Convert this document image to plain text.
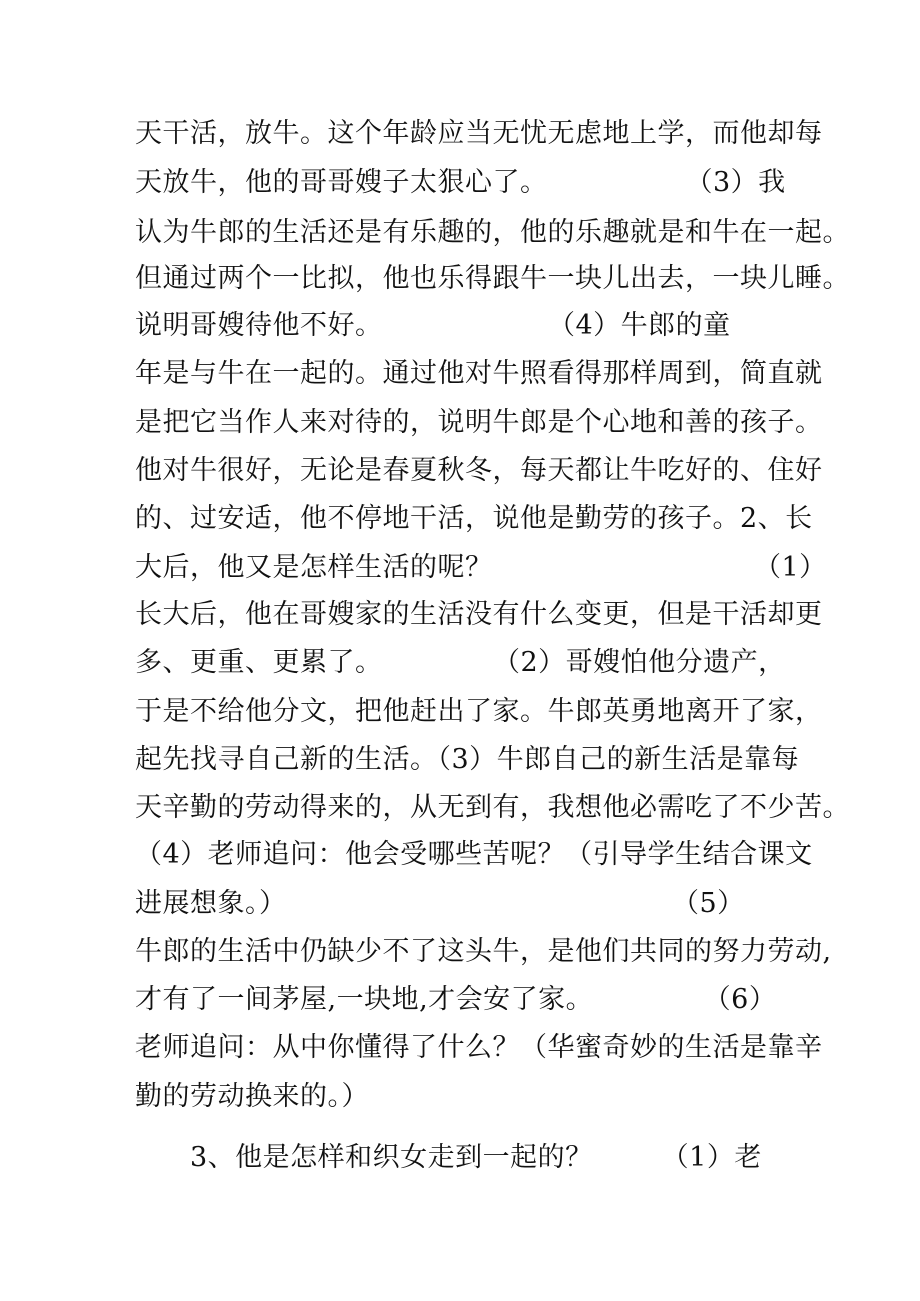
天干活，放牛。这个年龄应当无忧无虑地上学，而他却每
天放牛，他的哥哥嫂子太狠心了。　　　　　　（3）我
认为牛郎的生活还是有乐趣的，他的乐趣就是和牛在一起。
但通过两个一比拟，他也乐得跟牛一块儿出去，一块儿睡。
说明哥嫂待他不好。　　　　　　　（4）牛郎的童
年是与牛在一起的。通过他对牛照看得那样周到，简直就
是把它当作人来对待的，说明牛郎是个心地和善的孩子。
他对牛很好，无论是春夏秋冬，每天都让牛吃好的、住好
的、过安适，他不停地干活，说他是勤劳的孩子。2、长
大后，他又是怎样生活的呢？　　　　　　　　　　（1）
长大后，他在哥嫂家的生活没有什么变更，但是干活却更
多、更重、更累了。　　　　　（2）哥嫂怕他分遗产，
于是不给他分文，把他赶出了家。牛郎英勇地离开了家，
起先找寻自己新的生活。（3）牛郎自己的新生活是靠每
天辛勤的劳动得来的，从无到有，我想他必需吃了不少苦。
（4）老师追问：他会受哪些苦呢？（引导学生结合课文
进展想象。）　　　　　　　　　　　　　　　（5）
牛郎的生活中仍缺少不了这头牛，是他们共同的努力劳动,
才有了一间茅屋,一块地,才会安了家。　　　　　（6）
老师追问：从中你懂得了什么？（华蜜奇妙的生活是靠辛
勤的劳动换来的。）
　　3、他是怎样和织女走到一起的？　　　（1）老
